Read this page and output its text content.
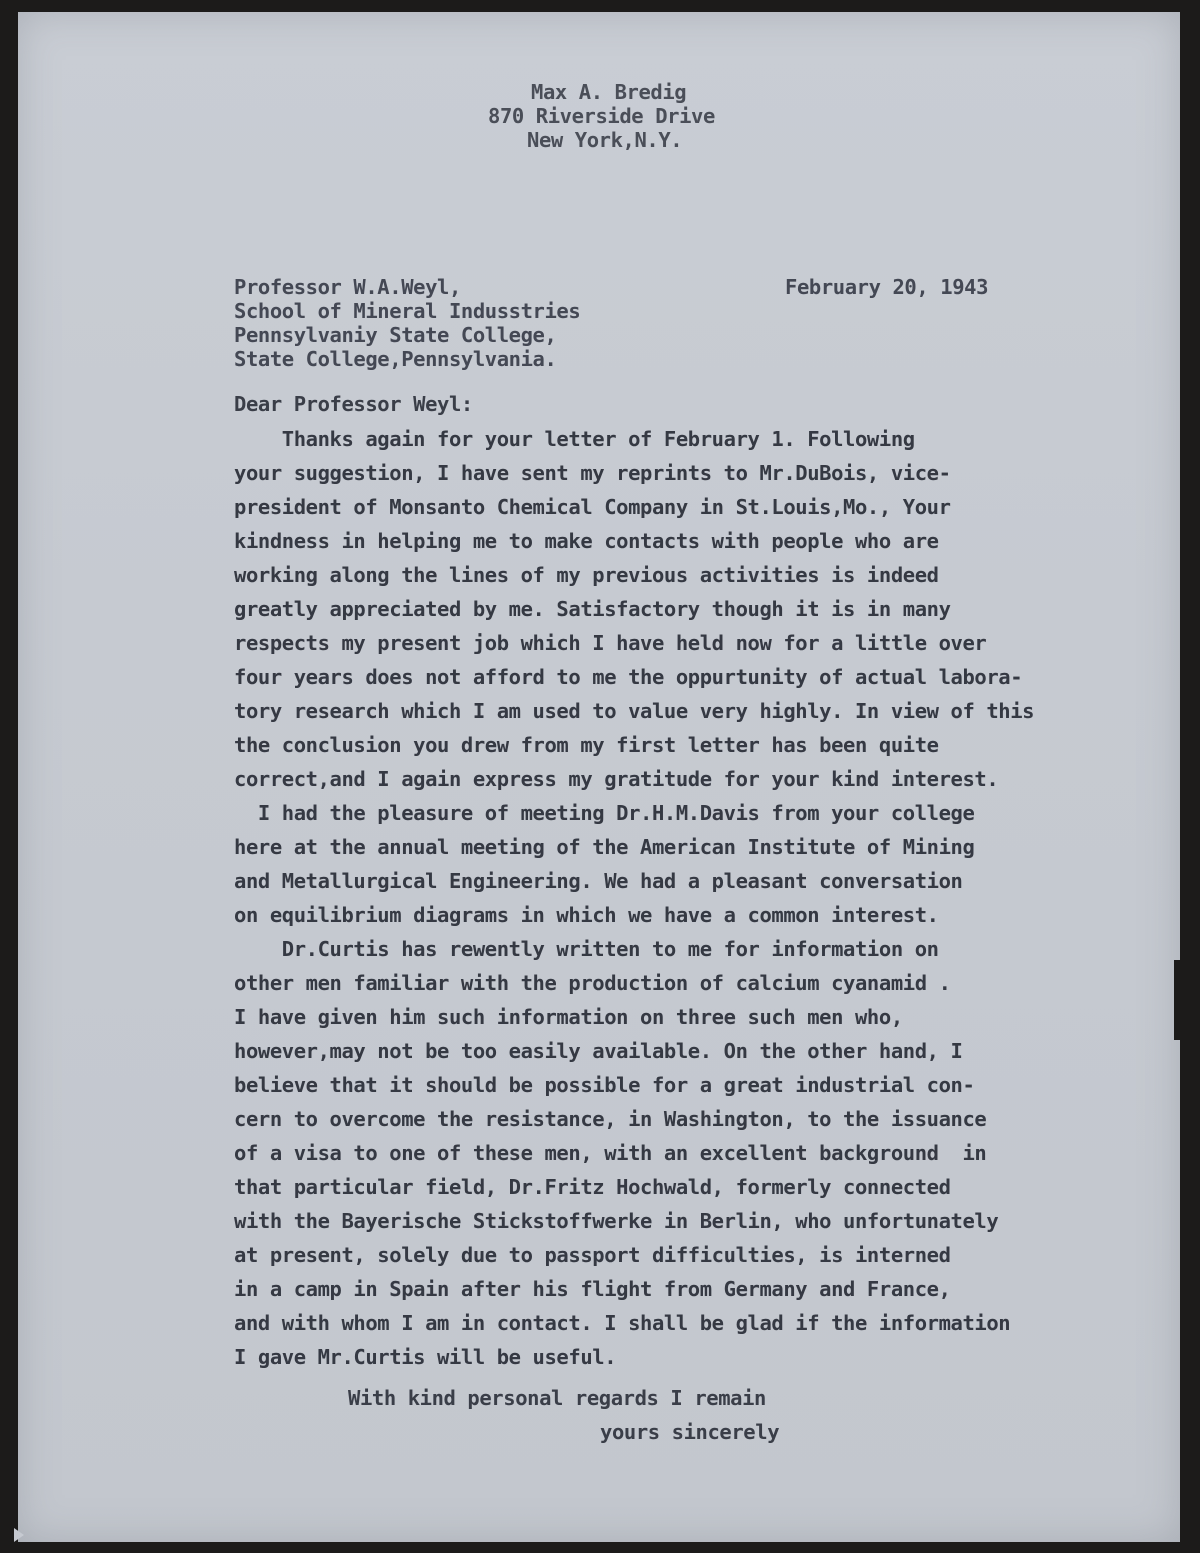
Max A. Bredig
870 Riverside Drive
New York,N.Y.
Professor W.A.Weyl,
School of Mineral Indusstries
Pennsylvaniy State College,
State College,Pennsylvania.
February 20, 1943
Dear Professor Weyl:
Thanks again for your letter of February 1. Following
your suggestion, I have sent my reprints to Mr.DuBois, vice-
president of Monsanto Chemical Company in St.Louis,Mo., Your
kindness in helping me to make contacts with people who are
working along the lines of my previous activities is indeed
greatly appreciated by me. Satisfactory though it is in many
respects my present job which I have held now for a little over
four years does not afford to me the oppurtunity of actual labora-
tory research which I am used to value very highly. In view of this
the conclusion you drew from my first letter has been quite
correct,and I again express my gratitude for your kind interest.
I had the pleasure of meeting Dr.H.M.Davis from your college
here at the annual meeting of the American Institute of Mining
and Metallurgical Engineering. We had a pleasant conversation
on equilibrium diagrams in which we have a common interest.
Dr.Curtis has rewently written to me for information on
other men familiar with the production of calcium cyanamid .
I have given him such information on three such men who,
however,may not be too easily available. On the other hand, I
believe that it should be possible for a great industrial con-
cern to overcome the resistance, in Washington, to the issuance
of a visa to one of these men, with an excellent background  in
that particular field, Dr.Fritz Hochwald, formerly connected
with the Bayerische Stickstoffwerke in Berlin, who unfortunately
at present, solely due to passport difficulties, is interned
in a camp in Spain after his flight from Germany and France,
and with whom I am in contact. I shall be glad if the information
I gave Mr.Curtis will be useful.
With kind personal regards I remain
yours sincerely
